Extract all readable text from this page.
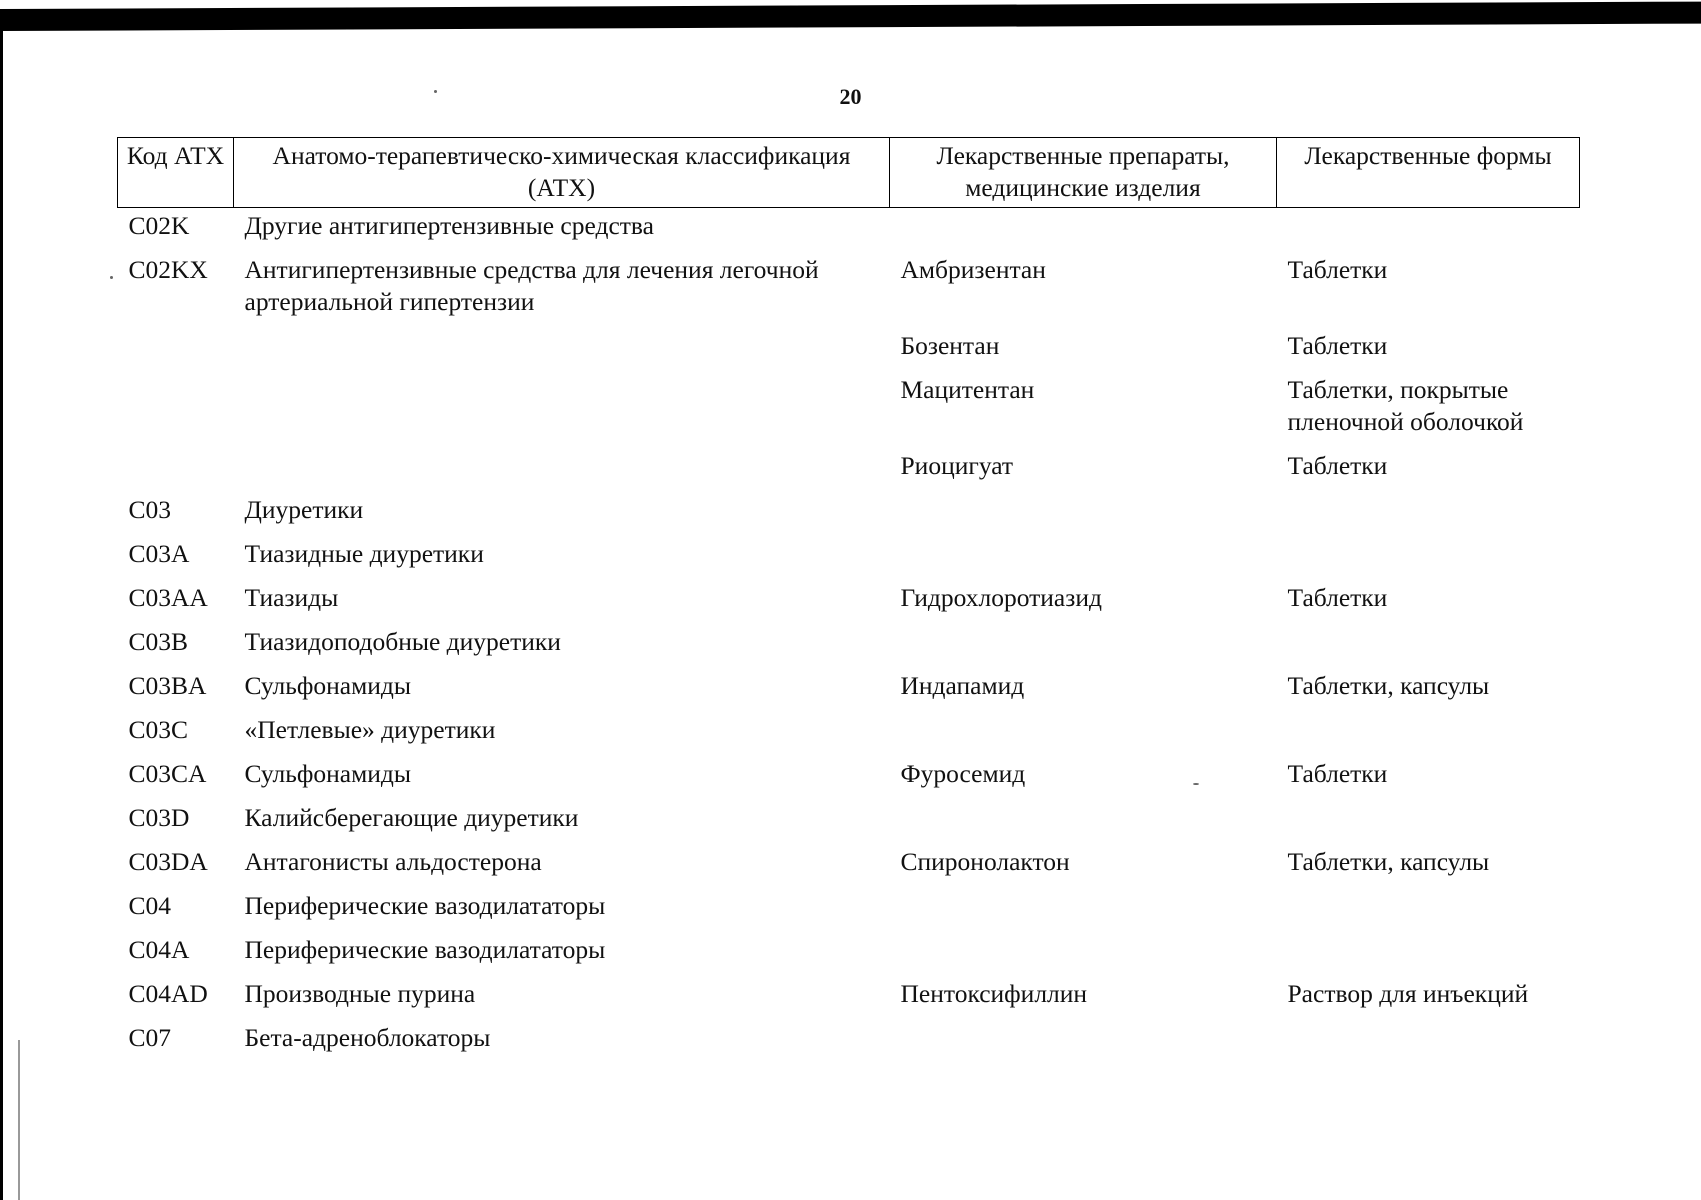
20
Код АТХ	Анатомо-терапевтическо-химическая классификация (АТХ)	Лекарственные препараты, медицинские изделия	Лекарственные формы
C02K	Другие антигипертензивные средства		
C02KX	Антигипертензивные средства для лечения легочной артериальной гипертензии	Амбризентан	Таблетки
		Бозентан	Таблетки
		Мацитентан	Таблетки, покрытые пленочной оболочкой
		Риоцигуат	Таблетки
C03	Диуретики		
C03A	Тиазидные диуретики		
C03AA	Тиазиды	Гидрохлоротиазид	Таблетки
C03B	Тиазидоподобные диуретики		
C03BA	Сульфонамиды	Индапамид	Таблетки, капсулы
C03C	«Петлевые» диуретики		
C03CA	Сульфонамиды	Фуросемид	Таблетки
C03D	Калийсберегающие диуретики		
C03DA	Антагонисты альдостерона	Спиронолактон	Таблетки, капсулы
C04	Периферические вазодилататоры		
C04A	Периферические вазодилататоры		
C04AD	Производные пурина	Пентоксифиллин	Раствор для инъекций
C07	Бета-адреноблокаторы		
